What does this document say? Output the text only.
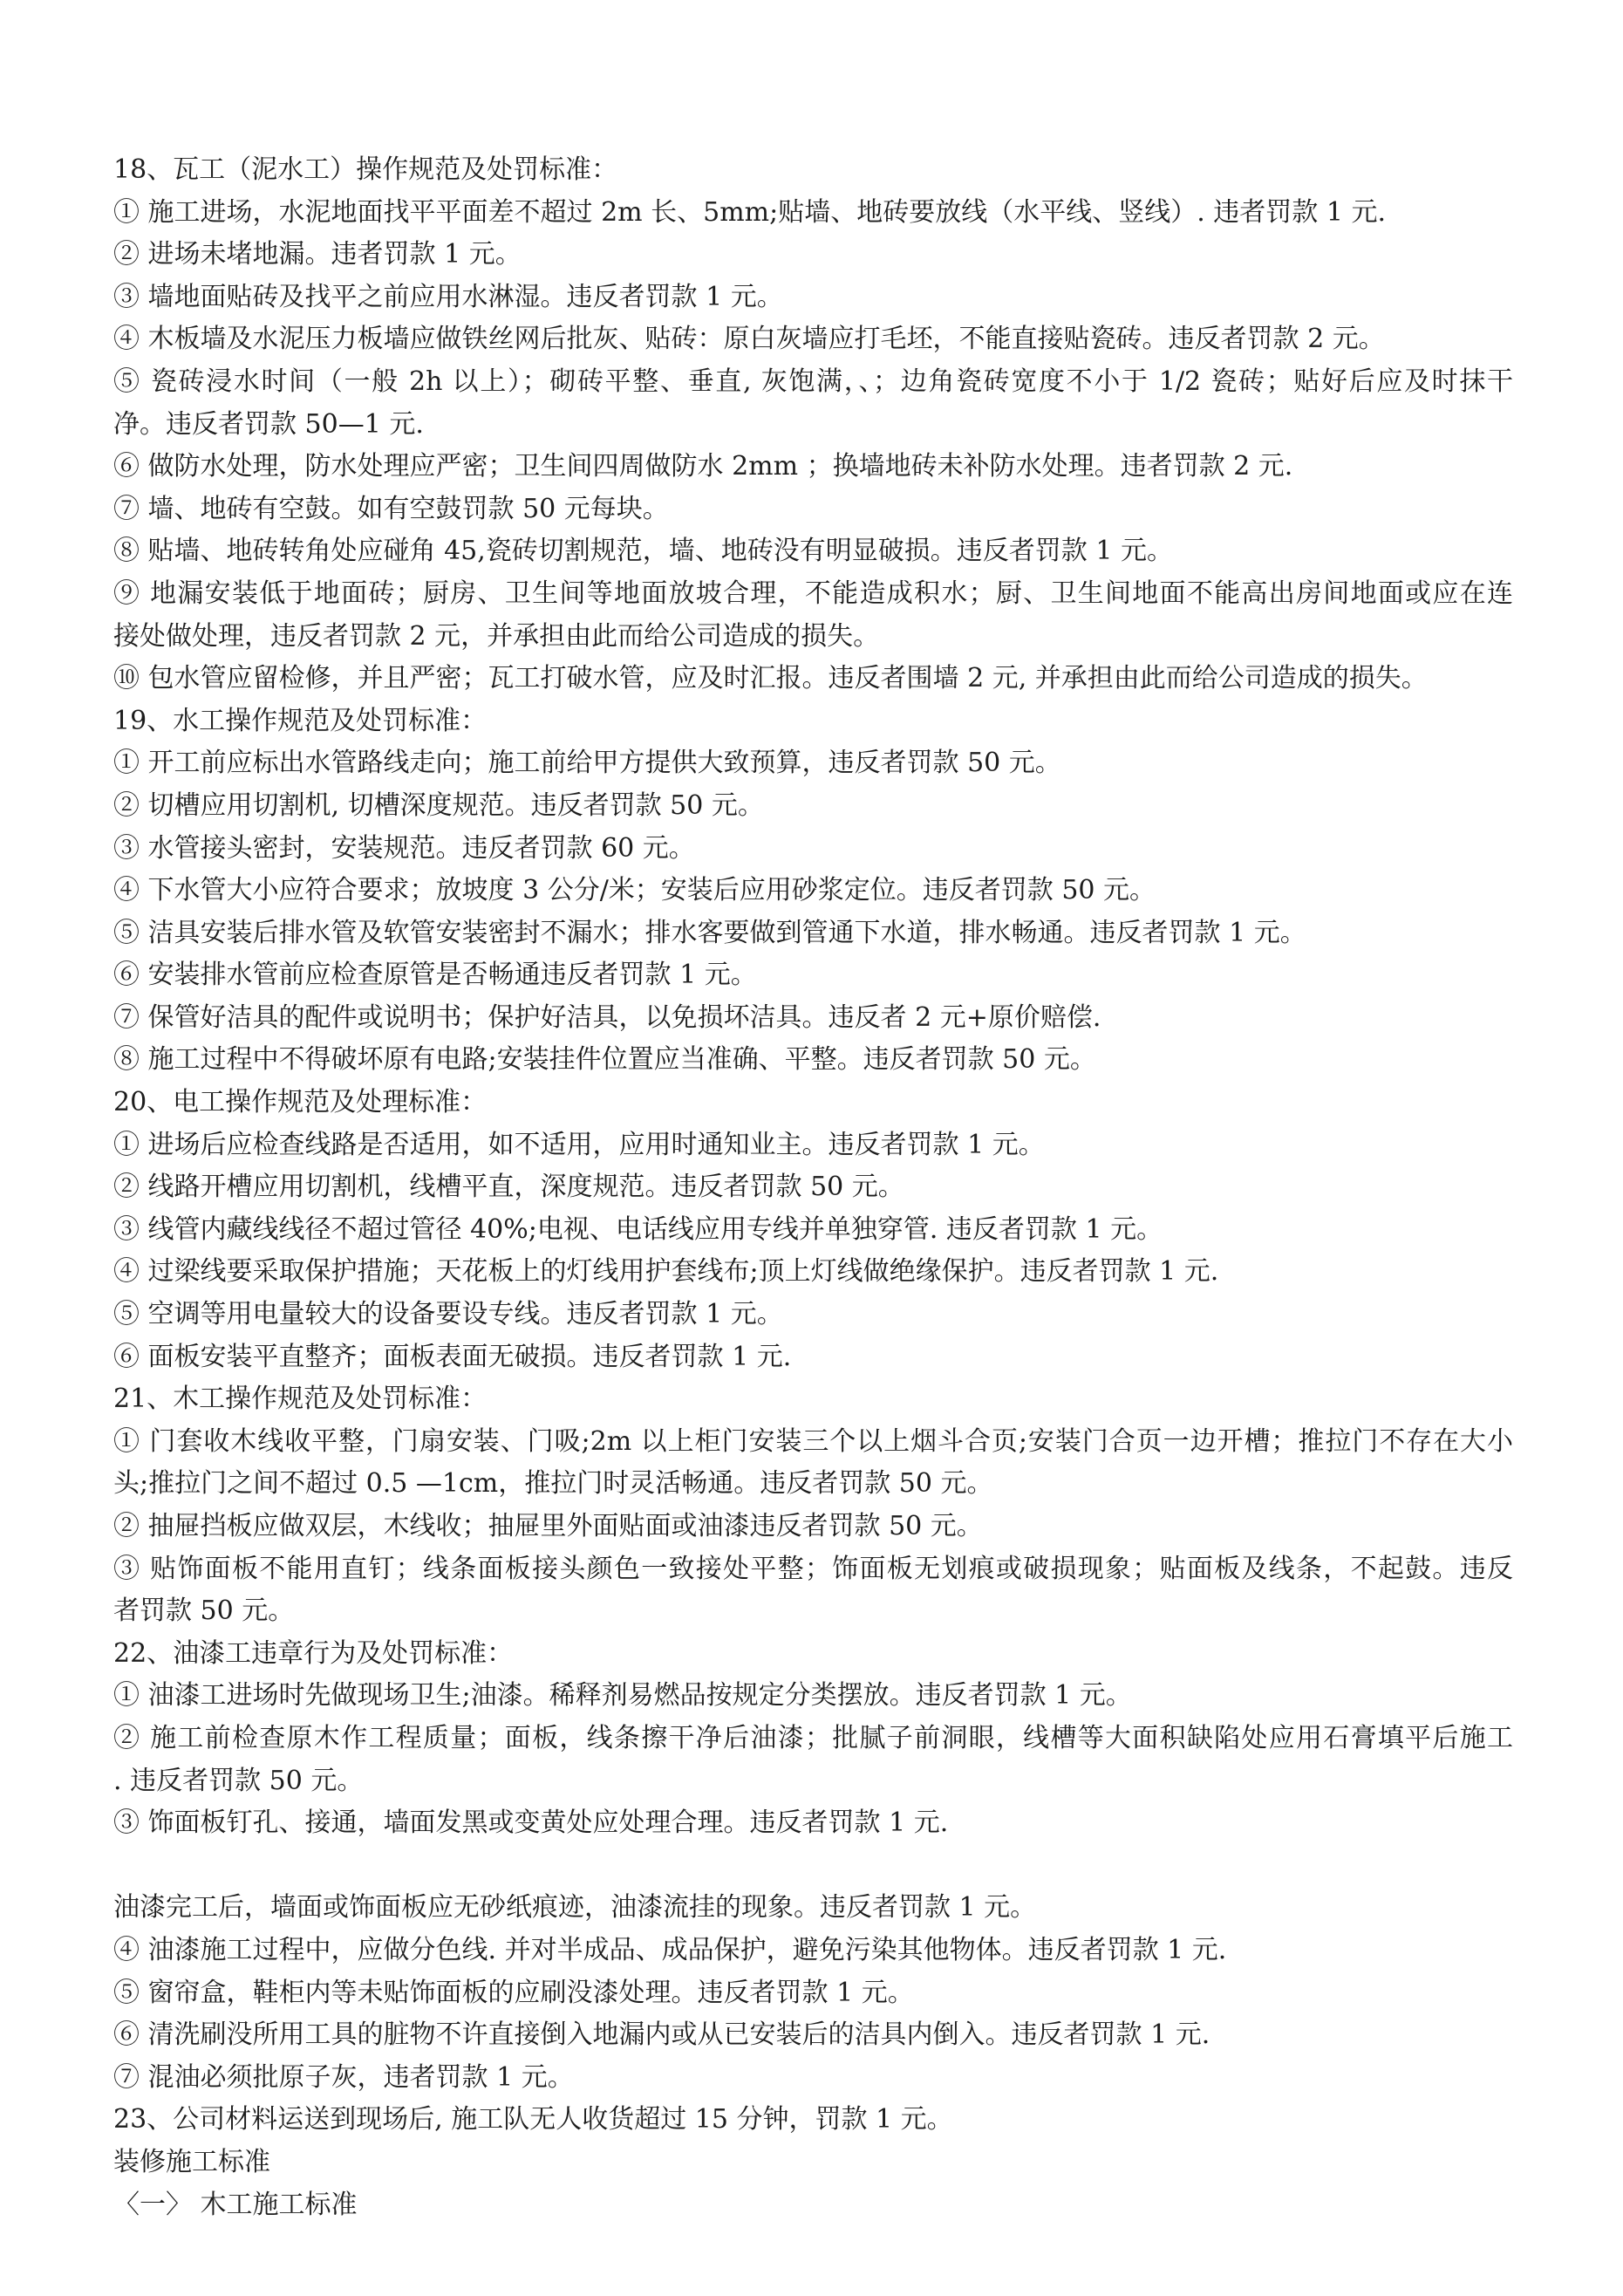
18、瓦工（泥水工）操作规范及处罚标准：
① 施工进场，水泥地面找平平面差不超过 2m 长、5mm;贴墙、地砖要放线（水平线、竖线）. 违者罚款 1 元.
② 进场未堵地漏。违者罚款 1 元。
③ 墙地面贴砖及找平之前应用水淋湿。违反者罚款 1 元。
④ 木板墙及水泥压力板墙应做铁丝网后批灰、贴砖：原白灰墙应打毛坯，不能直接贴瓷砖。违反者罚款 2 元。
⑤ 瓷砖浸水时间（一般 2h 以上）；砌砖平整、垂直, 灰饱满，、；边角瓷砖宽度不小于 1/2 瓷砖；贴好后应及时抹干
净。违反者罚款 50—1 元.
⑥ 做防水处理，防水处理应严密；卫生间四周做防水 2mm ；换墙地砖未补防水处理。违者罚款 2 元.
⑦ 墙、地砖有空鼓。如有空鼓罚款 50 元每块。
⑧ 贴墙、地砖转角处应碰角 45,瓷砖切割规范，墙、地砖没有明显破损。违反者罚款 1 元。
⑨ 地漏安装低于地面砖；厨房、卫生间等地面放坡合理，不能造成积水；厨、卫生间地面不能高出房间地面或应在连
接处做处理，违反者罚款 2 元，并承担由此而给公司造成的损失。
⑩ 包水管应留检修，并且严密；瓦工打破水管，应及时汇报。违反者围墙 2 元, 并承担由此而给公司造成的损失。
19、水工操作规范及处罚标准：
① 开工前应标出水管路线走向；施工前给甲方提供大致预算，违反者罚款 50 元。
② 切槽应用切割机, 切槽深度规范。违反者罚款 50 元。
③ 水管接头密封，安装规范。违反者罚款 60 元。
④ 下水管大小应符合要求；放坡度 3 公分/米；安装后应用砂浆定位。违反者罚款 50 元。
⑤ 洁具安装后排水管及软管安装密封不漏水；排水客要做到管通下水道，排水畅通。违反者罚款 1 元。
⑥ 安装排水管前应检查原管是否畅通违反者罚款 1 元。
⑦ 保管好洁具的配件或说明书；保护好洁具，以免损坏洁具。违反者 2 元+原价赔偿.
⑧ 施工过程中不得破坏原有电路;安装挂件位置应当准确、平整。违反者罚款 50 元。
20、电工操作规范及处理标准：
① 进场后应检查线路是否适用，如不适用，应用时通知业主。违反者罚款 1 元。
② 线路开槽应用切割机，线槽平直，深度规范。违反者罚款 50 元。
③ 线管内藏线线径不超过管径 40%;电视、电话线应用专线并单独穿管. 违反者罚款 1 元。
④ 过梁线要采取保护措施；天花板上的灯线用护套线布;顶上灯线做绝缘保护。违反者罚款 1 元.
⑤ 空调等用电量较大的设备要设专线。违反者罚款 1 元。
⑥ 面板安装平直整齐；面板表面无破损。违反者罚款 1 元.
21、木工操作规范及处罚标准：
① 门套收木线收平整，门扇安装、门吸;2m 以上柜门安装三个以上烟斗合页;安装门合页一边开槽；推拉门不存在大小
头;推拉门之间不超过 0.5 —1cm，推拉门时灵活畅通。违反者罚款 50 元。
② 抽屉挡板应做双层，木线收；抽屉里外面贴面或油漆违反者罚款 50 元。
③ 贴饰面板不能用直钉；线条面板接头颜色一致接处平整；饰面板无划痕或破损现象；贴面板及线条，不起鼓。违反
者罚款 50 元。
22、油漆工违章行为及处罚标准：
① 油漆工进场时先做现场卫生;油漆。稀释剂易燃品按规定分类摆放。违反者罚款 1 元。
② 施工前检查原木作工程质量；面板，线条擦干净后油漆；批腻子前洞眼，线槽等大面积缺陷处应用石膏填平后施工
. 违反者罚款 50 元。
③ 饰面板钉孔、接通，墙面发黑或变黄处应处理合理。违反者罚款 1 元.
油漆完工后，墙面或饰面板应无砂纸痕迹，油漆流挂的现象。违反者罚款 1 元。
④ 油漆施工过程中，应做分色线. 并对半成品、成品保护，避免污染其他物体。违反者罚款 1 元.
⑤ 窗帘盒，鞋柜内等未贴饰面板的应刷没漆处理。违反者罚款 1 元。
⑥ 清洗刷没所用工具的脏物不许直接倒入地漏内或从已安装后的洁具内倒入。违反者罚款 1 元.
⑦ 混油必须批原子灰，违者罚款 1 元。
23、公司材料运送到现场后, 施工队无人收货超过 15 分钟，罚款 1 元。
装修施工标准
〈一〉 木工施工标准
